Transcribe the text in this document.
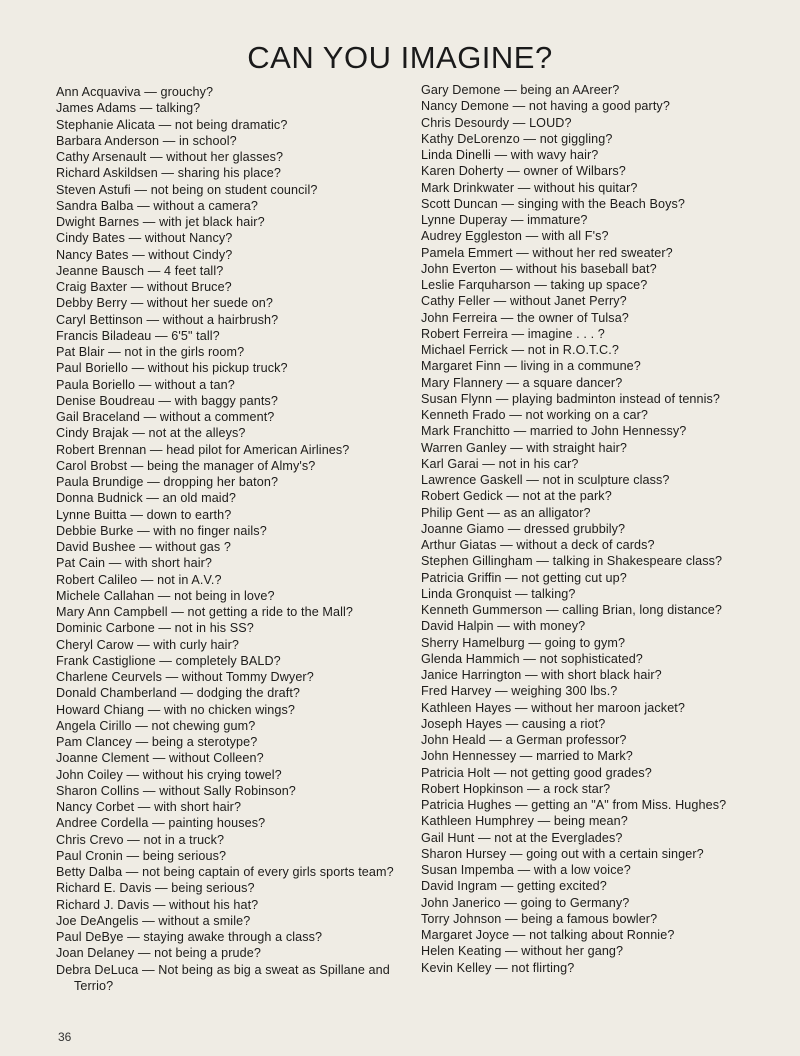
CAN YOU IMAGINE?
Ann Acquaviva — grouchy?
James Adams — talking?
Stephanie Alicata — not being dramatic?
Barbara Anderson — in school?
Cathy Arsenault — without her glasses?
Richard Askildsen — sharing his place?
Steven Astufi — not being on student council?
Sandra Balba — without a camera?
Dwight Barnes — with jet black hair?
Cindy Bates — without Nancy?
Nancy Bates — without Cindy?
Jeanne Bausch — 4 feet tall?
Craig Baxter — without Bruce?
Debby Berry — without her suede on?
Caryl Bettinson — without a hairbrush?
Francis Biladeau — 6'5" tall?
Pat Blair — not in the girls room?
Paul Boriello — without his pickup truck?
Paula Boriello — without a tan?
Denise Boudreau — with baggy pants?
Gail Braceland — without a comment?
Cindy Brajak — not at the alleys?
Robert Brennan — head pilot for American Airlines?
Carol Brobst — being the manager of Almy's?
Paula Brundige — dropping her baton?
Donna Budnick — an old maid?
Lynne Buitta — down to earth?
Debbie Burke — with no finger nails?
David Bushee — without gas ?
Pat Cain — with short hair?
Robert Calileo — not in A.V.?
Michele Callahan — not being in love?
Mary Ann Campbell — not getting a ride to the Mall?
Dominic Carbone — not in his SS?
Cheryl Carow — with curly hair?
Frank Castiglione — completely BALD?
Charlene Ceurvels — without Tommy Dwyer?
Donald Chamberland — dodging the draft?
Howard Chiang — with no chicken wings?
Angela Cirillo — not chewing gum?
Pam Clancey — being a sterotype?
Joanne Clement — without Colleen?
John Coiley — without his crying towel?
Sharon Collins — without Sally Robinson?
Nancy Corbet — with short hair?
Andree Cordella — painting houses?
Chris Crevo — not in a truck?
Paul Cronin — being serious?
Betty Dalba — not being captain of every girls sports team?
Richard E. Davis — being serious?
Richard J. Davis — without his hat?
Joe DeAngelis — without a smile?
Paul DeBye — staying awake through a class?
Joan Delaney — not being a prude?
Debra DeLuca — Not being as big a sweat as Spillane and Terrio?
Gary Demone — being an AAreer?
Nancy Demone — not having a good party?
Chris Desourdy — LOUD?
Kathy DeLorenzo — not giggling?
Linda Dinelli — with wavy hair?
Karen Doherty — owner of Wilbars?
Mark Drinkwater — without his quitar?
Scott Duncan — singing with the Beach Boys?
Lynne Duperay — immature?
Audrey Eggleston — with all F's?
Pamela Emmert — without her red sweater?
John Everton — without his baseball bat?
Leslie Farquharson — taking up space?
Cathy Feller — without Janet Perry?
John Ferreira — the owner of Tulsa?
Robert Ferreira — imagine . . . ?
Michael Ferrick — not in R.O.T.C.?
Margaret Finn — living in a commune?
Mary Flannery — a square dancer?
Susan Flynn — playing badminton instead of tennis?
Kenneth Frado — not working on a car?
Mark Franchitto — married to John Hennessy?
Warren Ganley — with straight hair?
Karl Garai — not in his car?
Lawrence Gaskell — not in sculpture class?
Robert Gedick — not at the park?
Philip Gent — as an alligator?
Joanne Giamo — dressed grubbily?
Arthur Giatas — without a deck of cards?
Stephen Gillingham — talking in Shakespeare class?
Patricia Griffin — not getting cut up?
Linda Gronquist — talking?
Kenneth Gummerson — calling Brian, long distance?
David Halpin — with money?
Sherry Hamelburg — going to gym?
Glenda Hammich — not sophisticated?
Janice Harrington — with short black hair?
Fred Harvey — weighing 300 lbs.?
Kathleen Hayes — without her maroon jacket?
Joseph Hayes — causing a riot?
John Heald — a German professor?
John Hennessey — married to Mark?
Patricia Holt — not getting good grades?
Robert Hopkinson — a rock star?
Patricia Hughes — getting an "A" from Miss. Hughes?
Kathleen Humphrey — being mean?
Gail Hunt — not at the Everglades?
Sharon Hursey — going out with a certain singer?
Susan Impemba — with a low voice?
David Ingram — getting excited?
John Janerico — going to Germany?
Torry Johnson — being a famous bowler?
Margaret Joyce — not talking about Ronnie?
Helen Keating — without her gang?
Kevin Kelley — not flirting?
36
